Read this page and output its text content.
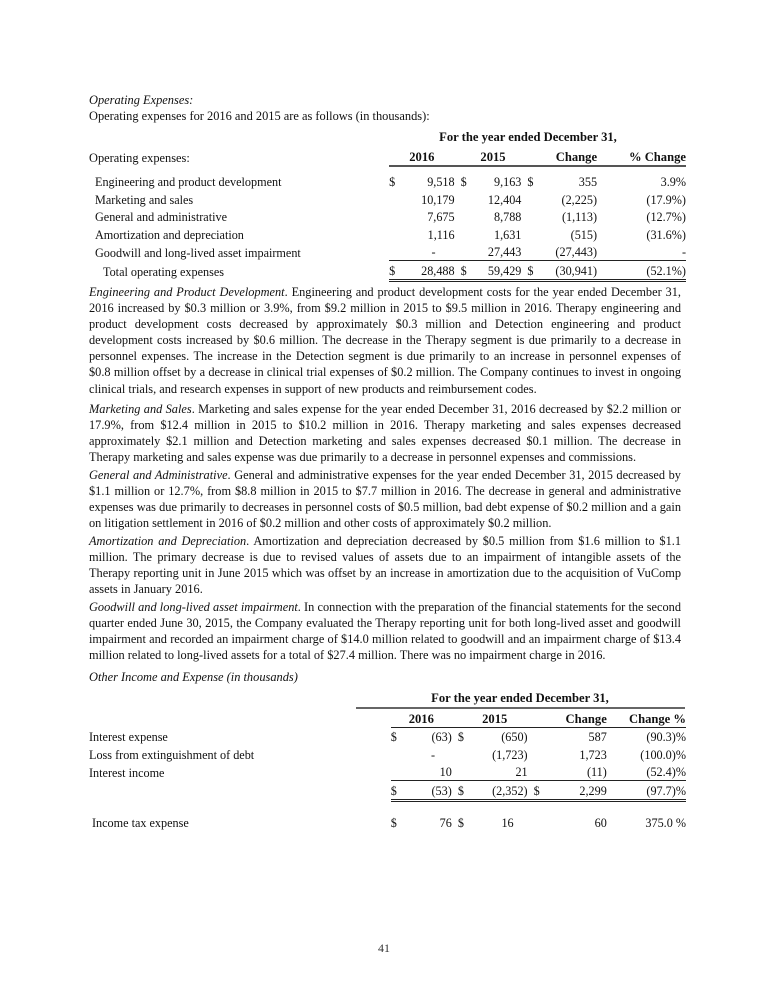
Operating Expenses:
Operating expenses for 2016 and 2015 are as follows (in thousands):
For the year ended December 31,
Operating expenses:	2016		2015		Change		% Change	

Engineering and product development	$	9,518	$	9,163	$	355		3.9%
Marketing and sales		10,179		12,404		(2,225)		(17.9%)
General and administrative		7,675		8,788		(1,113)		(12.7%)
Amortization and depreciation		1,116		1,631		(515)		(31.6%)
Goodwill and long-lived asset impairment		-		27,443		(27,443)		-
Total operating expenses	$	28,488	$	59,429	$	(30,941)		(52.1%)
Engineering and Product Development. Engineering and product development costs for the year ended December 31, 2016 increased by $0.3 million or 3.9%, from $9.2 million in 2015 to $9.5 million in 2016. Therapy engineering and product development costs decreased by approximately $0.3 million and Detection engineering and product development costs increased by $0.6 million. The decrease in the Therapy segment is due primarily to a decrease in personnel expenses. The increase in the Detection segment is due primarily to an increase in personnel expenses of $0.8 million offset by a decrease in clinical trial expenses of $0.2 million. The Company continues to invest in ongoing clinical trials, and research expenses in support of new products and reimbursement codes.
Marketing and Sales. Marketing and sales expense for the year ended December 31, 2016 decreased by $2.2 million or 17.9%, from $12.4 million in 2015 to $10.2 million in 2016. Therapy marketing and sales expenses decreased approximately $2.1 million and Detection marketing and sales expenses decreased $0.1 million. The decrease in Therapy marketing and sales expense was due primarily to a decrease in personnel expenses and commissions.
General and Administrative. General and administrative expenses for the year ended December 31, 2015 decreased by $1.1 million or 12.7%, from $8.8 million in 2015 to $7.7 million in 2016. The decrease in general and administrative expenses was due primarily to decreases in personnel costs of $0.5 million, bad debt expense of $0.2 million and a gain on litigation settlement in 2016 of $0.2 million and other costs of approximately $0.2 million.
Amortization and Depreciation. Amortization and depreciation decreased by $0.5 million from $1.6 million to $1.1 million. The primary decrease is due to revised values of assets due to an impairment of intangible assets of the Therapy reporting unit in June 2015 which was offset by an increase in amortization due to the acquisition of VuComp assets in January 2016.
Goodwill and long-lived asset impairment. In connection with the preparation of the financial statements for the second quarter ended June 30, 2015, the Company evaluated the Therapy reporting unit for both long-lived asset and goodwill impairment and recorded an impairment charge of $14.0 million related to goodwill and an impairment charge of $13.4 million related to long-lived assets for a total of $27.4 million. There was no impairment charge in 2016.
Other Income and Expense (in thousands)
For the year ended December 31,
	2016		2015		Change		Change %	
Interest expense	$	(63)	$	(650)		587		(90.3)%
Loss from extinguishment of debt		-		(1,723)		1,723		(100.0)%
Interest income		10		21		(11)		(52.4)%
	$	(53)	$	(2,352)	$	2,299		(97.7)%

Income tax expense	$	76	$	16		60		375.0 %
41
